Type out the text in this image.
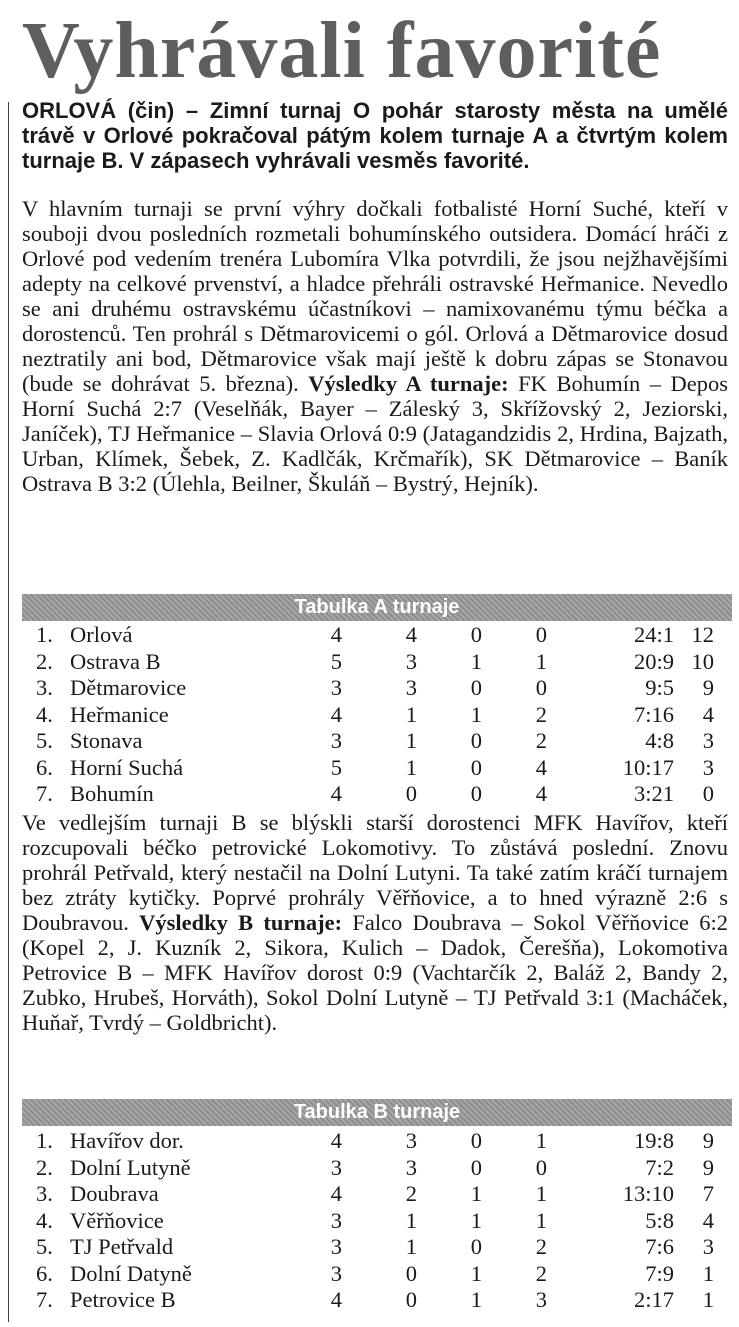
Vyhrávali favorité
ORLOVÁ (čin) – Zimní turnaj O pohár starosty města na umělé trávě v Orlové pokračoval pátým kolem turnaje A a čtvrtým kolem turnaje B. V zápasech vyhrávali vesměs favorité.
V hlavním turnaji se první výhry dočkali fotbalisté Horní Suché, kteří v souboji dvou posledních rozmetali bohumínského outsidera. Domácí hráči z Orlové pod vedením trenéra Lubomíra Vlka potvrdili, že jsou nejžhavějšími adepty na celkové prvenství, a hladce přehráli ostravské Heřmanice. Nevedlo se ani druhému ostravskému účastníkovi – namixovanému týmu béčka a dorostenců. Ten prohrál s Dětmarovicemi o gól. Orlová a Dětmarovice dosud neztratily ani bod, Dětmarovice však mají ještě k dobru zápas se Stonavou (bude se dohrávat 5. března). Výsledky A turnaje: FK Bohumín – Depos Horní Suchá 2:7 (Veselňák, Bayer – Záleský 3, Skřížovský 2, Jeziorski, Janíček), TJ Heřmanice – Slavia Orlová 0:9 (Jatagandzidis 2, Hrdina, Bajzath, Urban, Klímek, Šebek, Z. Kadlčák, Krčmařík), SK Dětmarovice – Baník Ostrava B 3:2 (Úlehla, Beilner, Škuláň – Bystrý, Hejník).
Tabulka A turnaje
1. Orlová	4	4	0	0	24:1 12
2. Ostrava B	5	3	1	1	20:9 10
3. Dětmarovice	3	3	0	0	9:5	9
4. Heřmanice	4	1	1	2	7:16	4
5. Stonava	3	1	0	2	4:8	3
6. Horní Suchá	5	1	0	4	10:17	3
7. Bohumín	4	0	0	4	3:21	0
Ve vedlejším turnaji B se blýskli starší dorostenci MFK Havířov, kteří rozcupovali béčko petrovické Lokomotivy. To zůstává poslední. Znovu prohrál Petřvald, který nestačil na Dolní Lutyni. Ta také zatím kráčí turnajem bez ztráty kytičky. Poprvé prohrály Věřňovice, a to hned výrazně 2:6 s Doubravou. Výsledky B turnaje: Falco Doubrava – Sokol Věřňovice 6:2 (Kopel 2, J. Kuzník 2, Sikora, Kulich – Dadok, Čerešňa), Lokomotiva Petrovice B – MFK Havířov dorost 0:9 (Vachtarčík 2, Baláž 2, Bandy 2, Zubko, Hrubeš, Horváth), Sokol Dolní Lutyně – TJ Petřvald 3:1 (Macháček, Huňař, Tvrdý – Goldbricht).
Tabulka B turnaje
1. Havířov dor.	4	3	0	1	19:8	9
2. Dolní Lutyně	3	3	0	0	7:2	9
3. Doubrava	4	2	1	1	13:10	7
4. Věřňovice	3	1	1	1	5:8	4
5. TJ Petřvald	3	1	0	2	7:6	3
6. Dolní Datyně	3	0	1	2	7:9	1
7. Petrovice B	4	0	1	3	2:17	1
